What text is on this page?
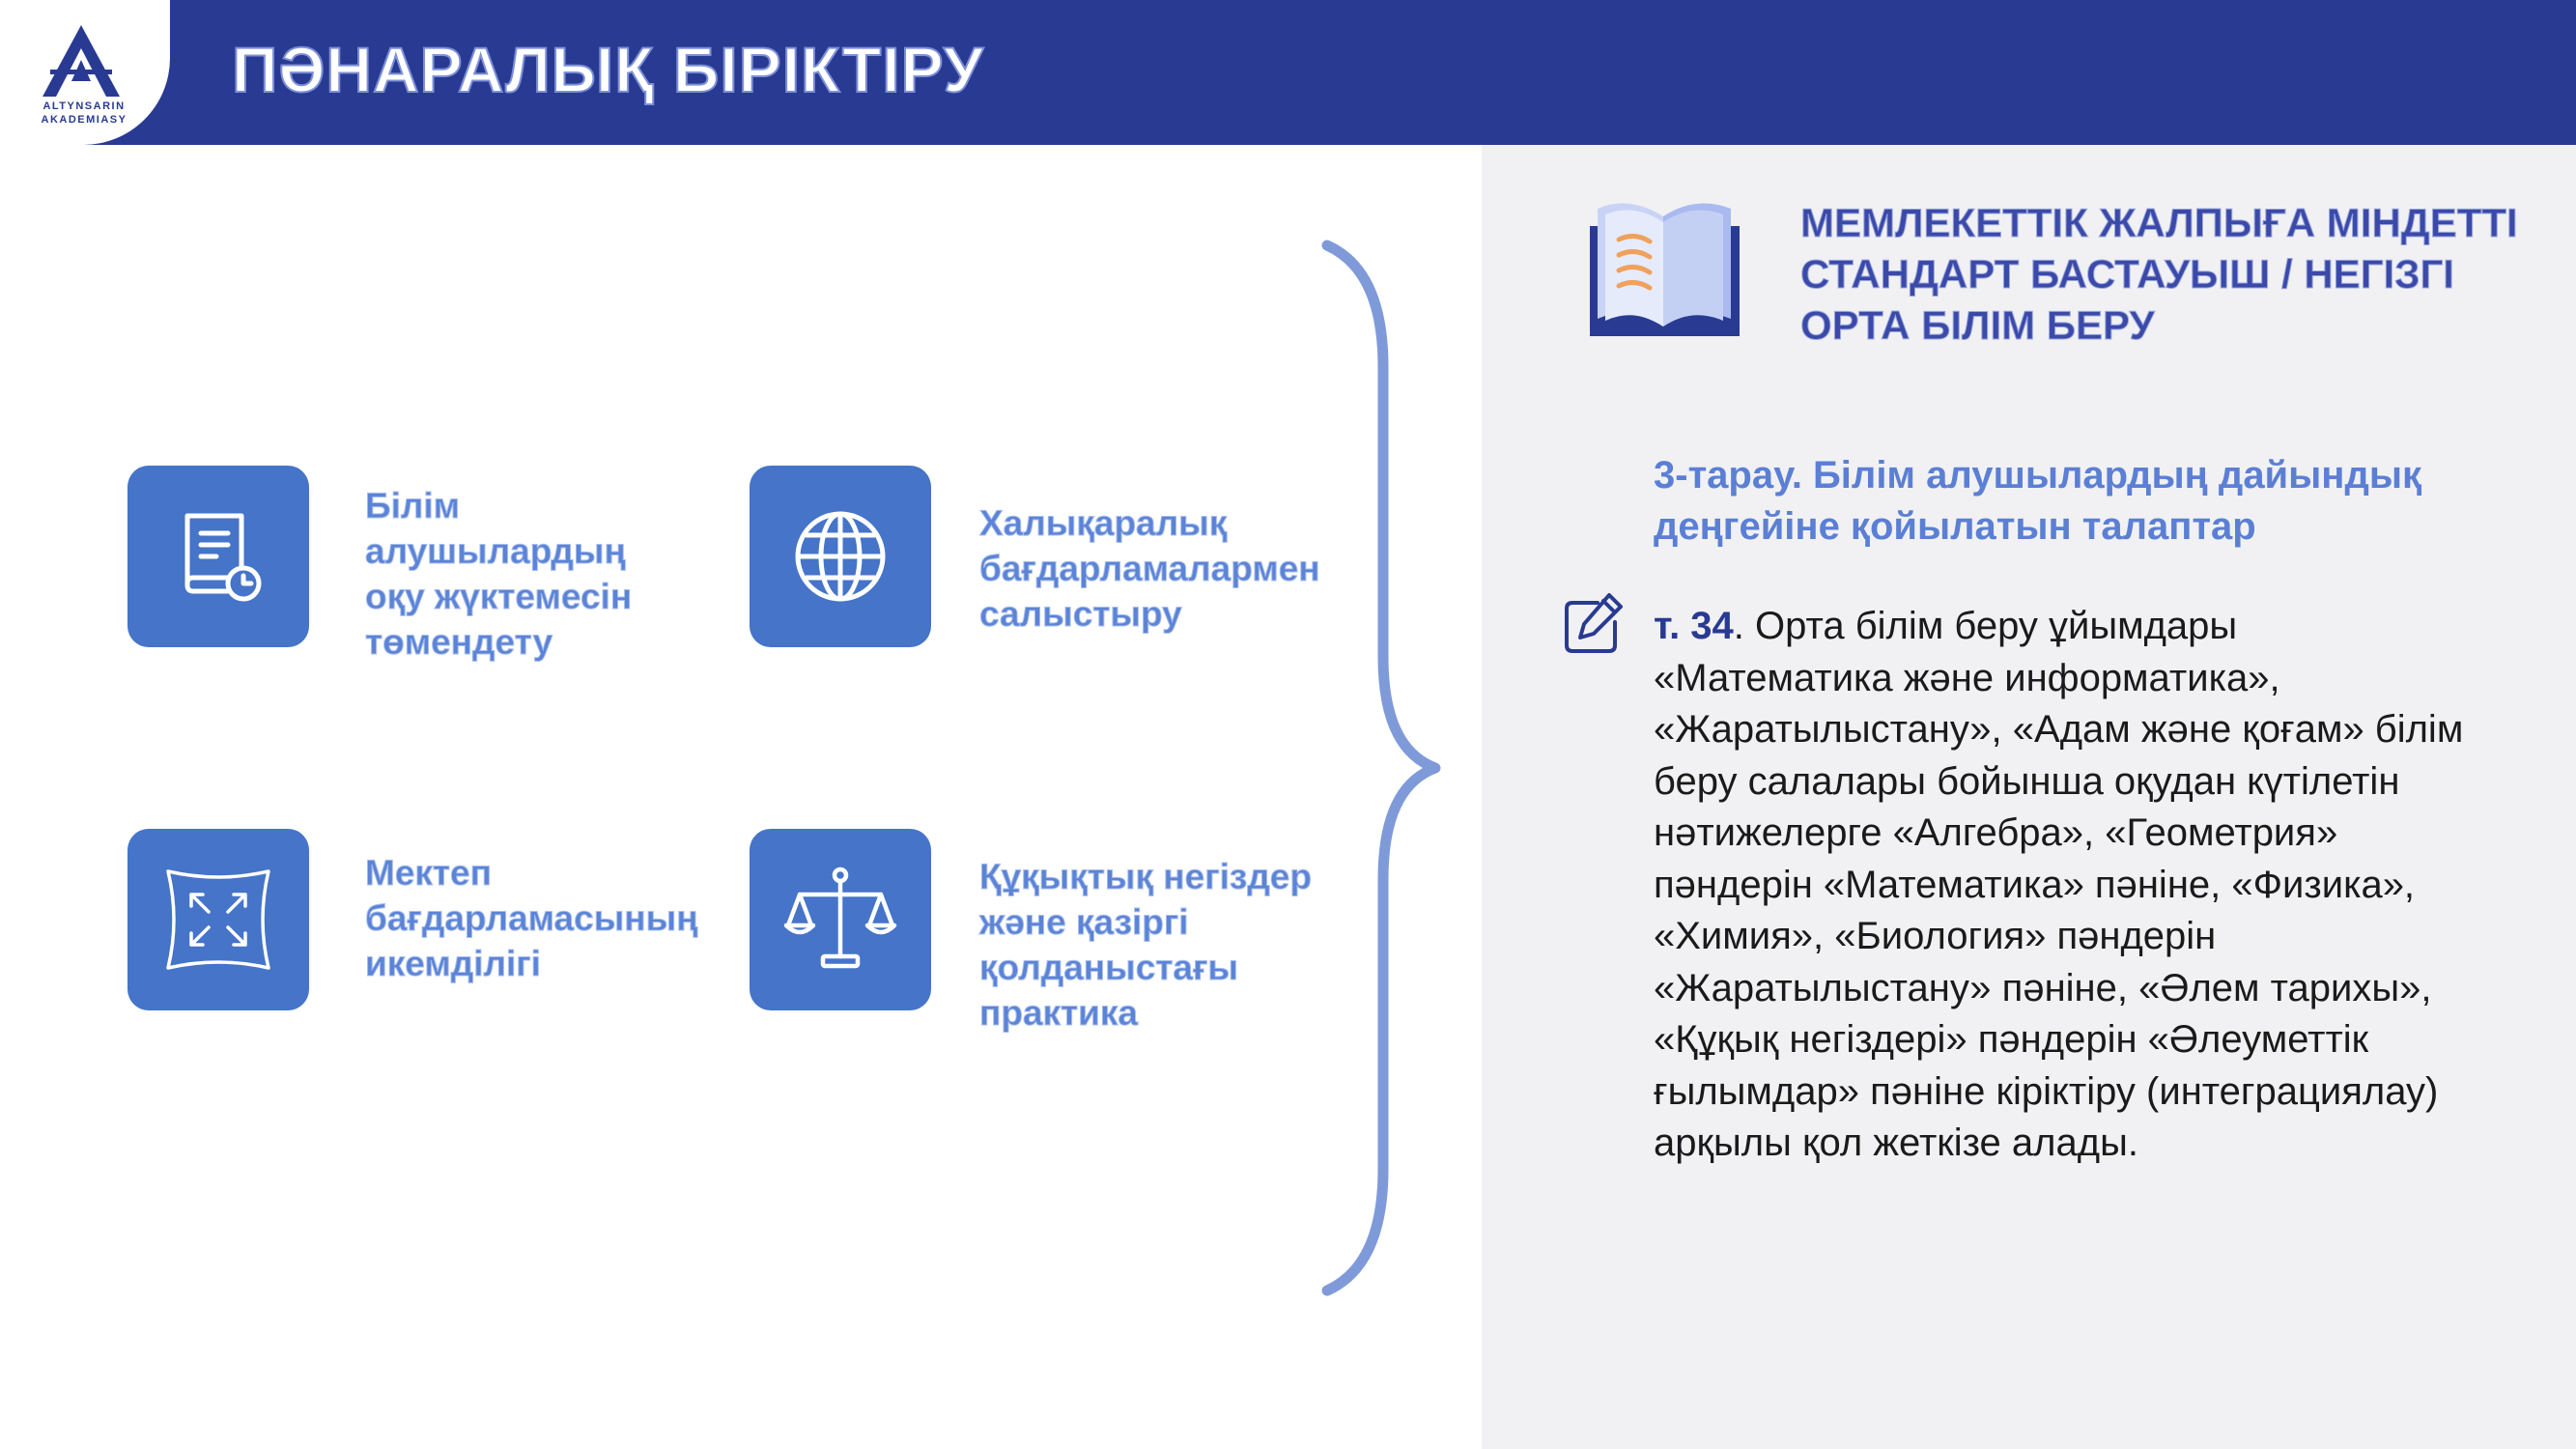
ALTYNSARIN
AKADEMIASY
ПӘНАРАЛЫҚ БІРІКТІРУ

Білім алушылардың оқу жүктемесін төмендету

Халықаралық бағдарламалармен салыстыру

Мектеп бағдарламасының икемділігі

Құқықтық негіздер және қазіргі қолданыстағы практика

МЕМЛЕКЕТТІК ЖАЛПЫҒА МІНДЕТТІ СТАНДАРТ БАСТАУЫШ / НЕГІЗГІ ОРТА БІЛІМ БЕРУ

3-тарау. Білім алушылардың дайындық деңгейіне қойылатын талаптар

т. 34. Орта білім беру ұйымдары «Математика және информатика», «Жаратылыстану», «Адам және қоғам» білім беру салалары бойынша оқудан күтілетін нәтижелерге «Алгебра», «Геометрия» пәндерін «Математика» пәніне, «Физика», «Химия», «Биология» пәндерін «Жаратылыстану» пәніне, «Әлем тарихы», «Құқық негіздері» пәндерін «Әлеуметтік ғылымдар» пәніне кіріктіру (интеграциялау) арқылы қол жеткізе алады.
